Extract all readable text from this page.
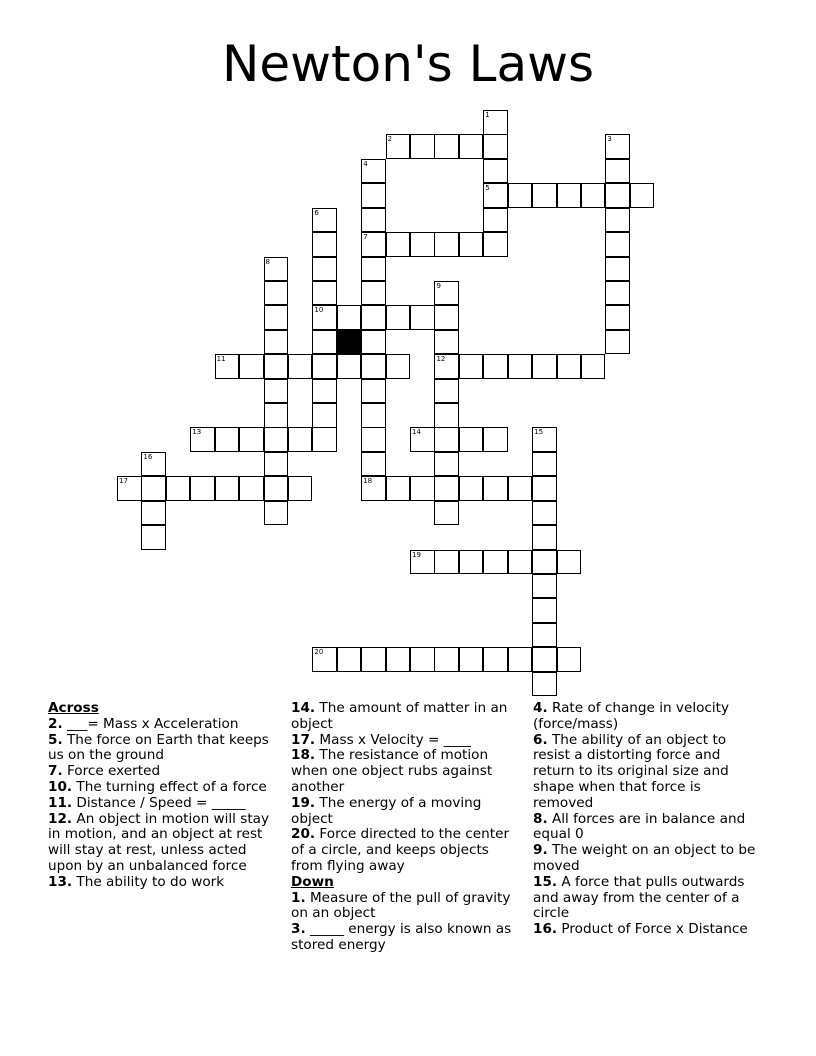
Newton's Laws
1
5
2	3
4
7
6
10
8
9
12
11
13	14	15
16
17	18
19
20
Across
2. ___= Mass x Acceleration
5. The force on Earth that keeps us on the ground
7. Force exerted
10. The turning effect of a force
11. Distance / Speed = _____
12. An object in motion will stay in motion, and an object at rest will stay at rest, unless acted upon by an unbalanced force
13. The ability to do work
14. The amount of matter in an object
17. Mass x Velocity = ____
18. The resistance of motion when one object rubs against another
19. The energy of a moving object
20. Force directed to the center of a circle, and keeps objects from flying away
Down
1. Measure of the pull of gravity on an object
3. _____ energy is also known as stored energy
4. Rate of change in velocity (force/mass)
6. The ability of an object to resist a distorting force and return to its original size and shape when that force is removed
8. All forces are in balance and equal 0
9. The weight on an object to be moved
15. A force that pulls outwards and away from the center of a circle
16. Product of Force x Distance
